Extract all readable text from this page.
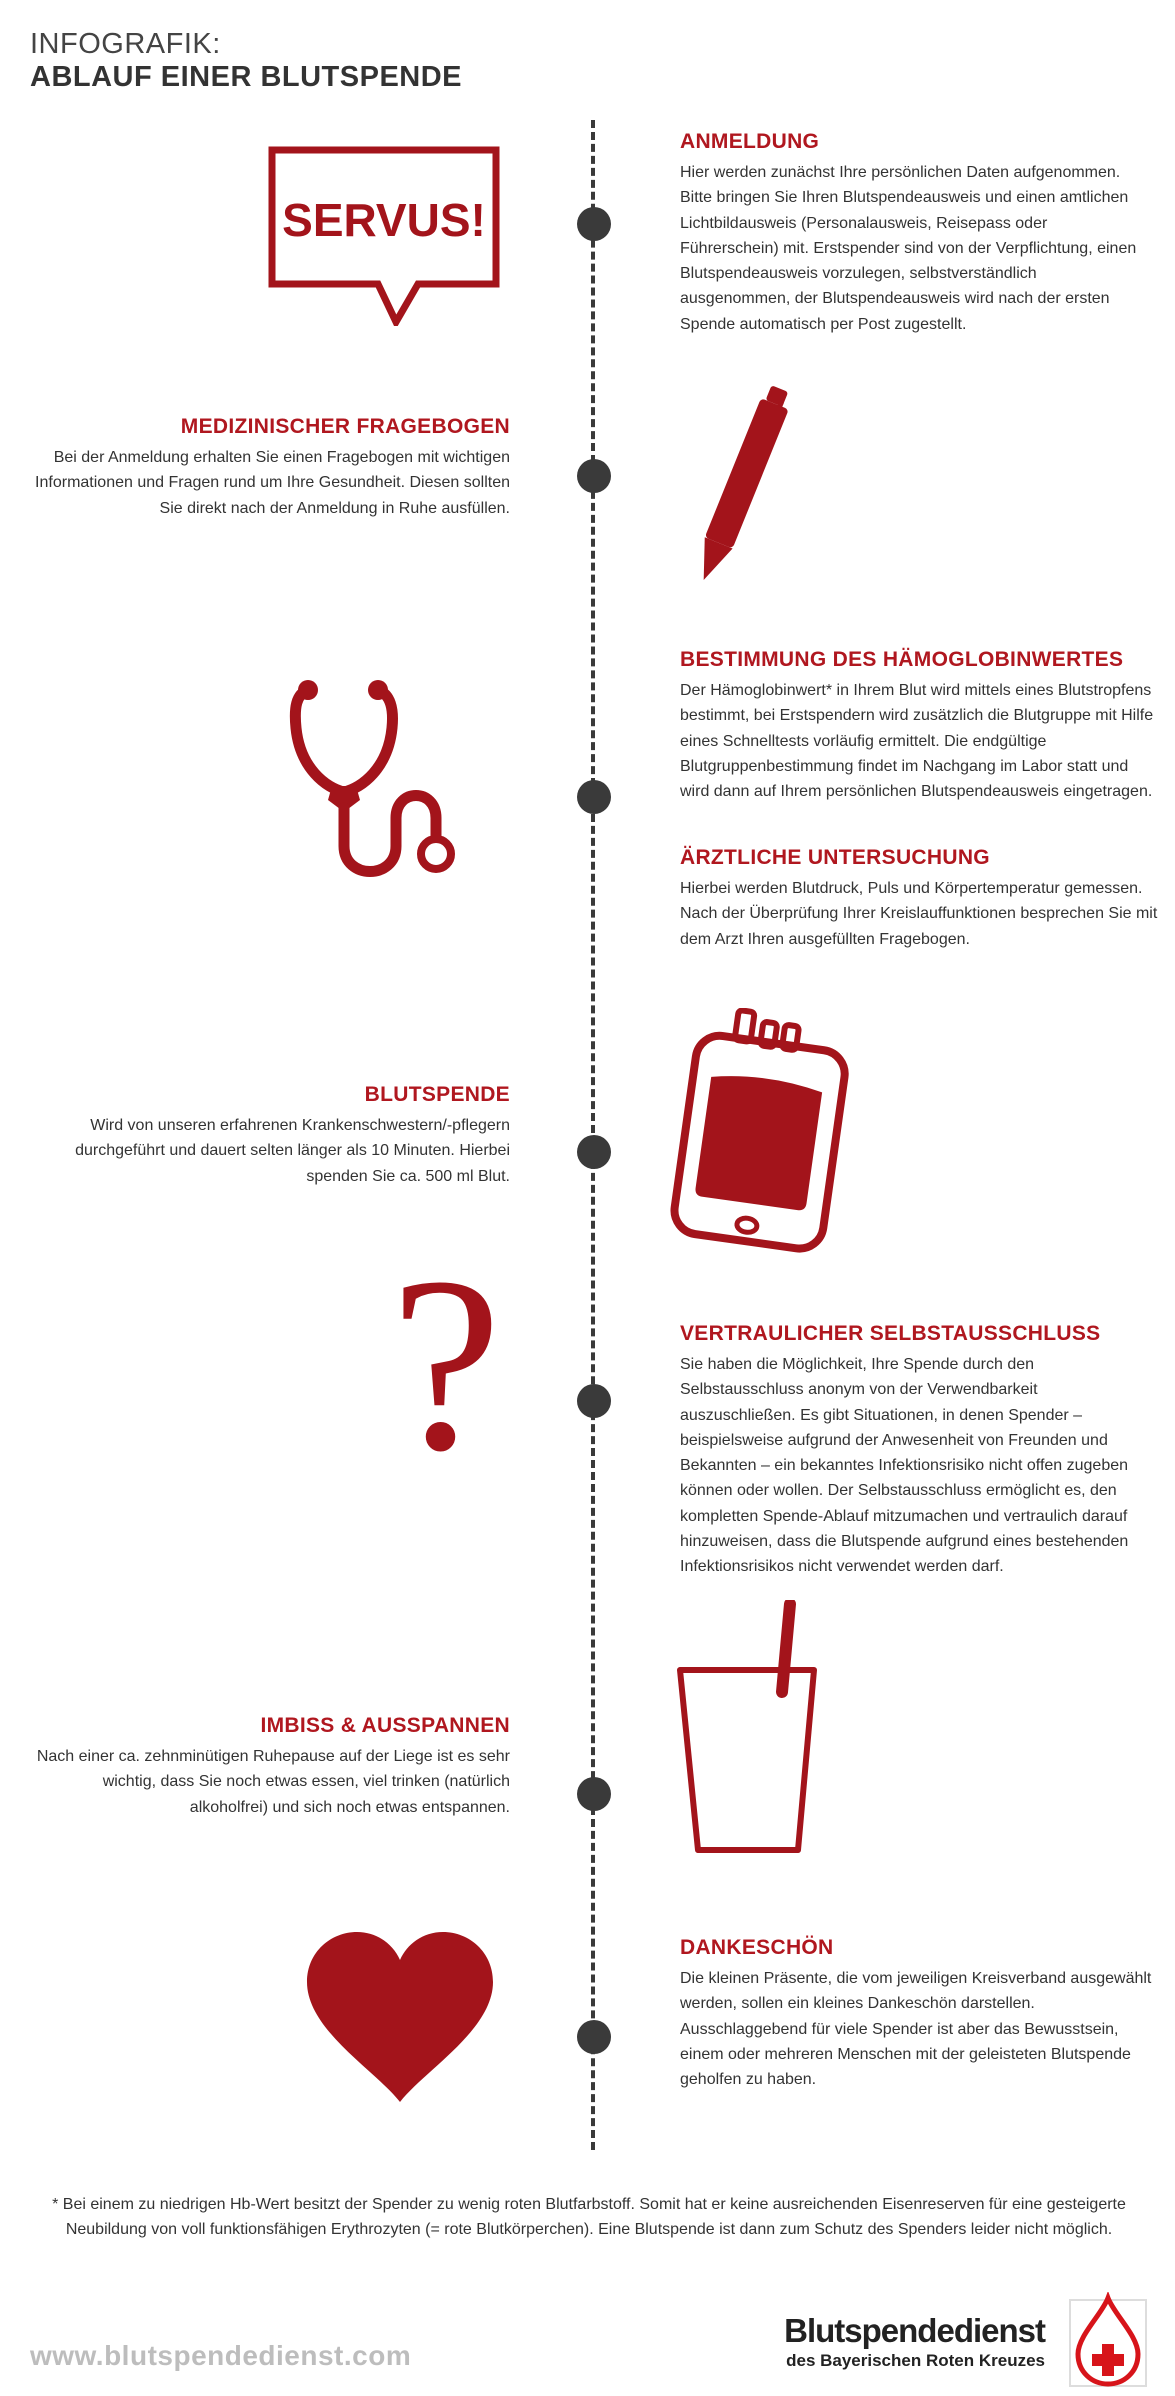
INFOGRAFIK:
ABLAUF EINER BLUTSPENDE
ANMELDUNG

Hier werden zunächst Ihre persönlichen Daten aufgenommen. Bitte bringen Sie Ihren Blutspendeausweis und einen amtlichen Lichtbildausweis (Personalausweis, Reisepass oder Führerschein) mit. Erstspender sind von der Verpflichtung, einen Blutspendeausweis vorzulegen, selbstverständlich ausgenommen, der Blutspendeausweis wird nach der ersten Spende automatisch per Post zugestellt.

SERVUS!
MEDIZINISCHER FRAGEBOGEN

Bei der Anmeldung erhalten Sie einen Fragebogen mit wichtigen Informationen und Fragen rund um Ihre Gesundheit. Diesen sollten Sie direkt nach der Anmeldung in Ruhe ausfüllen.

BESTIMMUNG DES HÄMOGLOBINWERTES

Der Hämoglobinwert* in Ihrem Blut wird mittels eines Blutstropfens bestimmt, bei Erstspendern wird zusätzlich die Blutgruppe mit Hilfe eines Schnelltests vorläufig ermittelt. Die endgültige Blutgruppenbestimmung findet im Nachgang im Labor statt und wird dann auf Ihrem persönlichen Blutspendeausweis eingetragen.

ÄRZTLICHE UNTERSUCHUNG

Hierbei werden Blutdruck, Puls und Körpertemperatur gemessen. Nach der Überprüfung Ihrer Kreislauffunktionen besprechen Sie mit dem Arzt Ihren ausgefüllten Fragebogen.

BLUTSPENDE

Wird von unseren erfahrenen Krankenschwestern/-pflegern durchgeführt und dauert selten länger als 10 Minuten. Hierbei spenden Sie ca. 500 ml Blut.

VERTRAULICHER SELBSTAUSSCHLUSS

Sie haben die Möglichkeit, Ihre Spende durch den Selbstausschluss anonym von der Verwendbarkeit auszuschließen. Es gibt Situationen, in denen Spender – beispielsweise aufgrund der Anwesenheit von Freunden und Bekannten – ein bekanntes Infektionsrisiko nicht offen zugeben können oder wollen. Der Selbstausschluss ermöglicht es, den kompletten Spende-Ablauf mitzumachen und vertraulich darauf hinzuweisen, dass die Blutspende aufgrund eines bestehenden Infektionsrisikos nicht verwendet werden darf.

?
IMBISS & AUSSPANNEN

Nach einer ca. zehnminütigen Ruhepause auf der Liege ist es sehr wichtig, dass Sie noch etwas essen, viel trinken (natürlich alkoholfrei) und sich noch etwas entspannen.

DANKESCHÖN

Die kleinen Präsente, die vom jeweiligen Kreisverband ausgewählt werden, sollen ein kleines Dankeschön darstellen. Ausschlaggebend für viele Spender ist aber das Bewusstsein, einem oder mehreren Menschen mit der geleisteten Blutspende geholfen zu haben.

* Bei einem zu niedrigen Hb-Wert besitzt der Spender zu wenig roten Blutfarbstoff. Somit hat er keine ausreichenden Eisenreserven für eine gesteigerte Neubildung von voll funktionsfähigen Erythrozyten (= rote Blutkörperchen). Eine Blutspende ist dann zum Schutz des Spenders leider nicht möglich.
www.blutspendedienst.com
Blutspendedienst
des Bayerischen Roten Kreuzes
